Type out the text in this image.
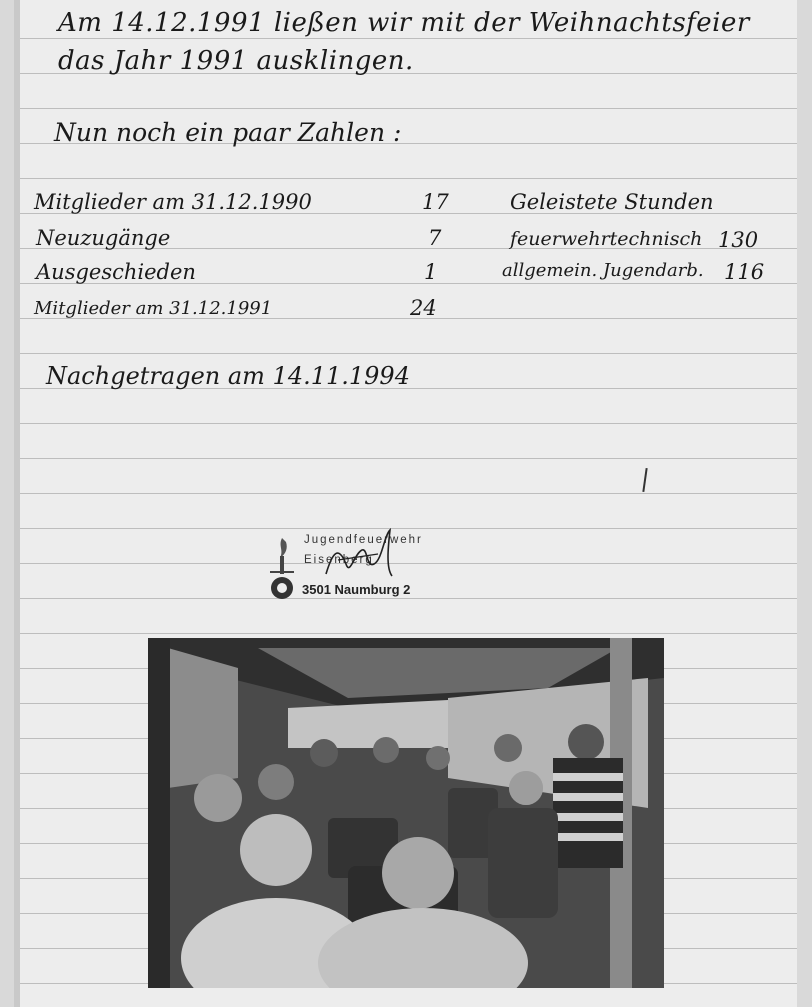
Am 14.12.1991 ließen wir mit der Weihnachtsfeier
das Jahr 1991 ausklingen.
Nun noch ein paar Zahlen :
Mitglieder am 31.12.1990	17
Neuzugänge	7
Ausgeschieden	1
Mitglieder am 31.12.1991	24
Geleistete Stunden
feuerwehrtechnisch 130
allgemein. Jugendarb. 116
Nachgetragen am 14.11.1994
Jugendfeuerwehr
Eisenberg
3501 Naumburg 2
